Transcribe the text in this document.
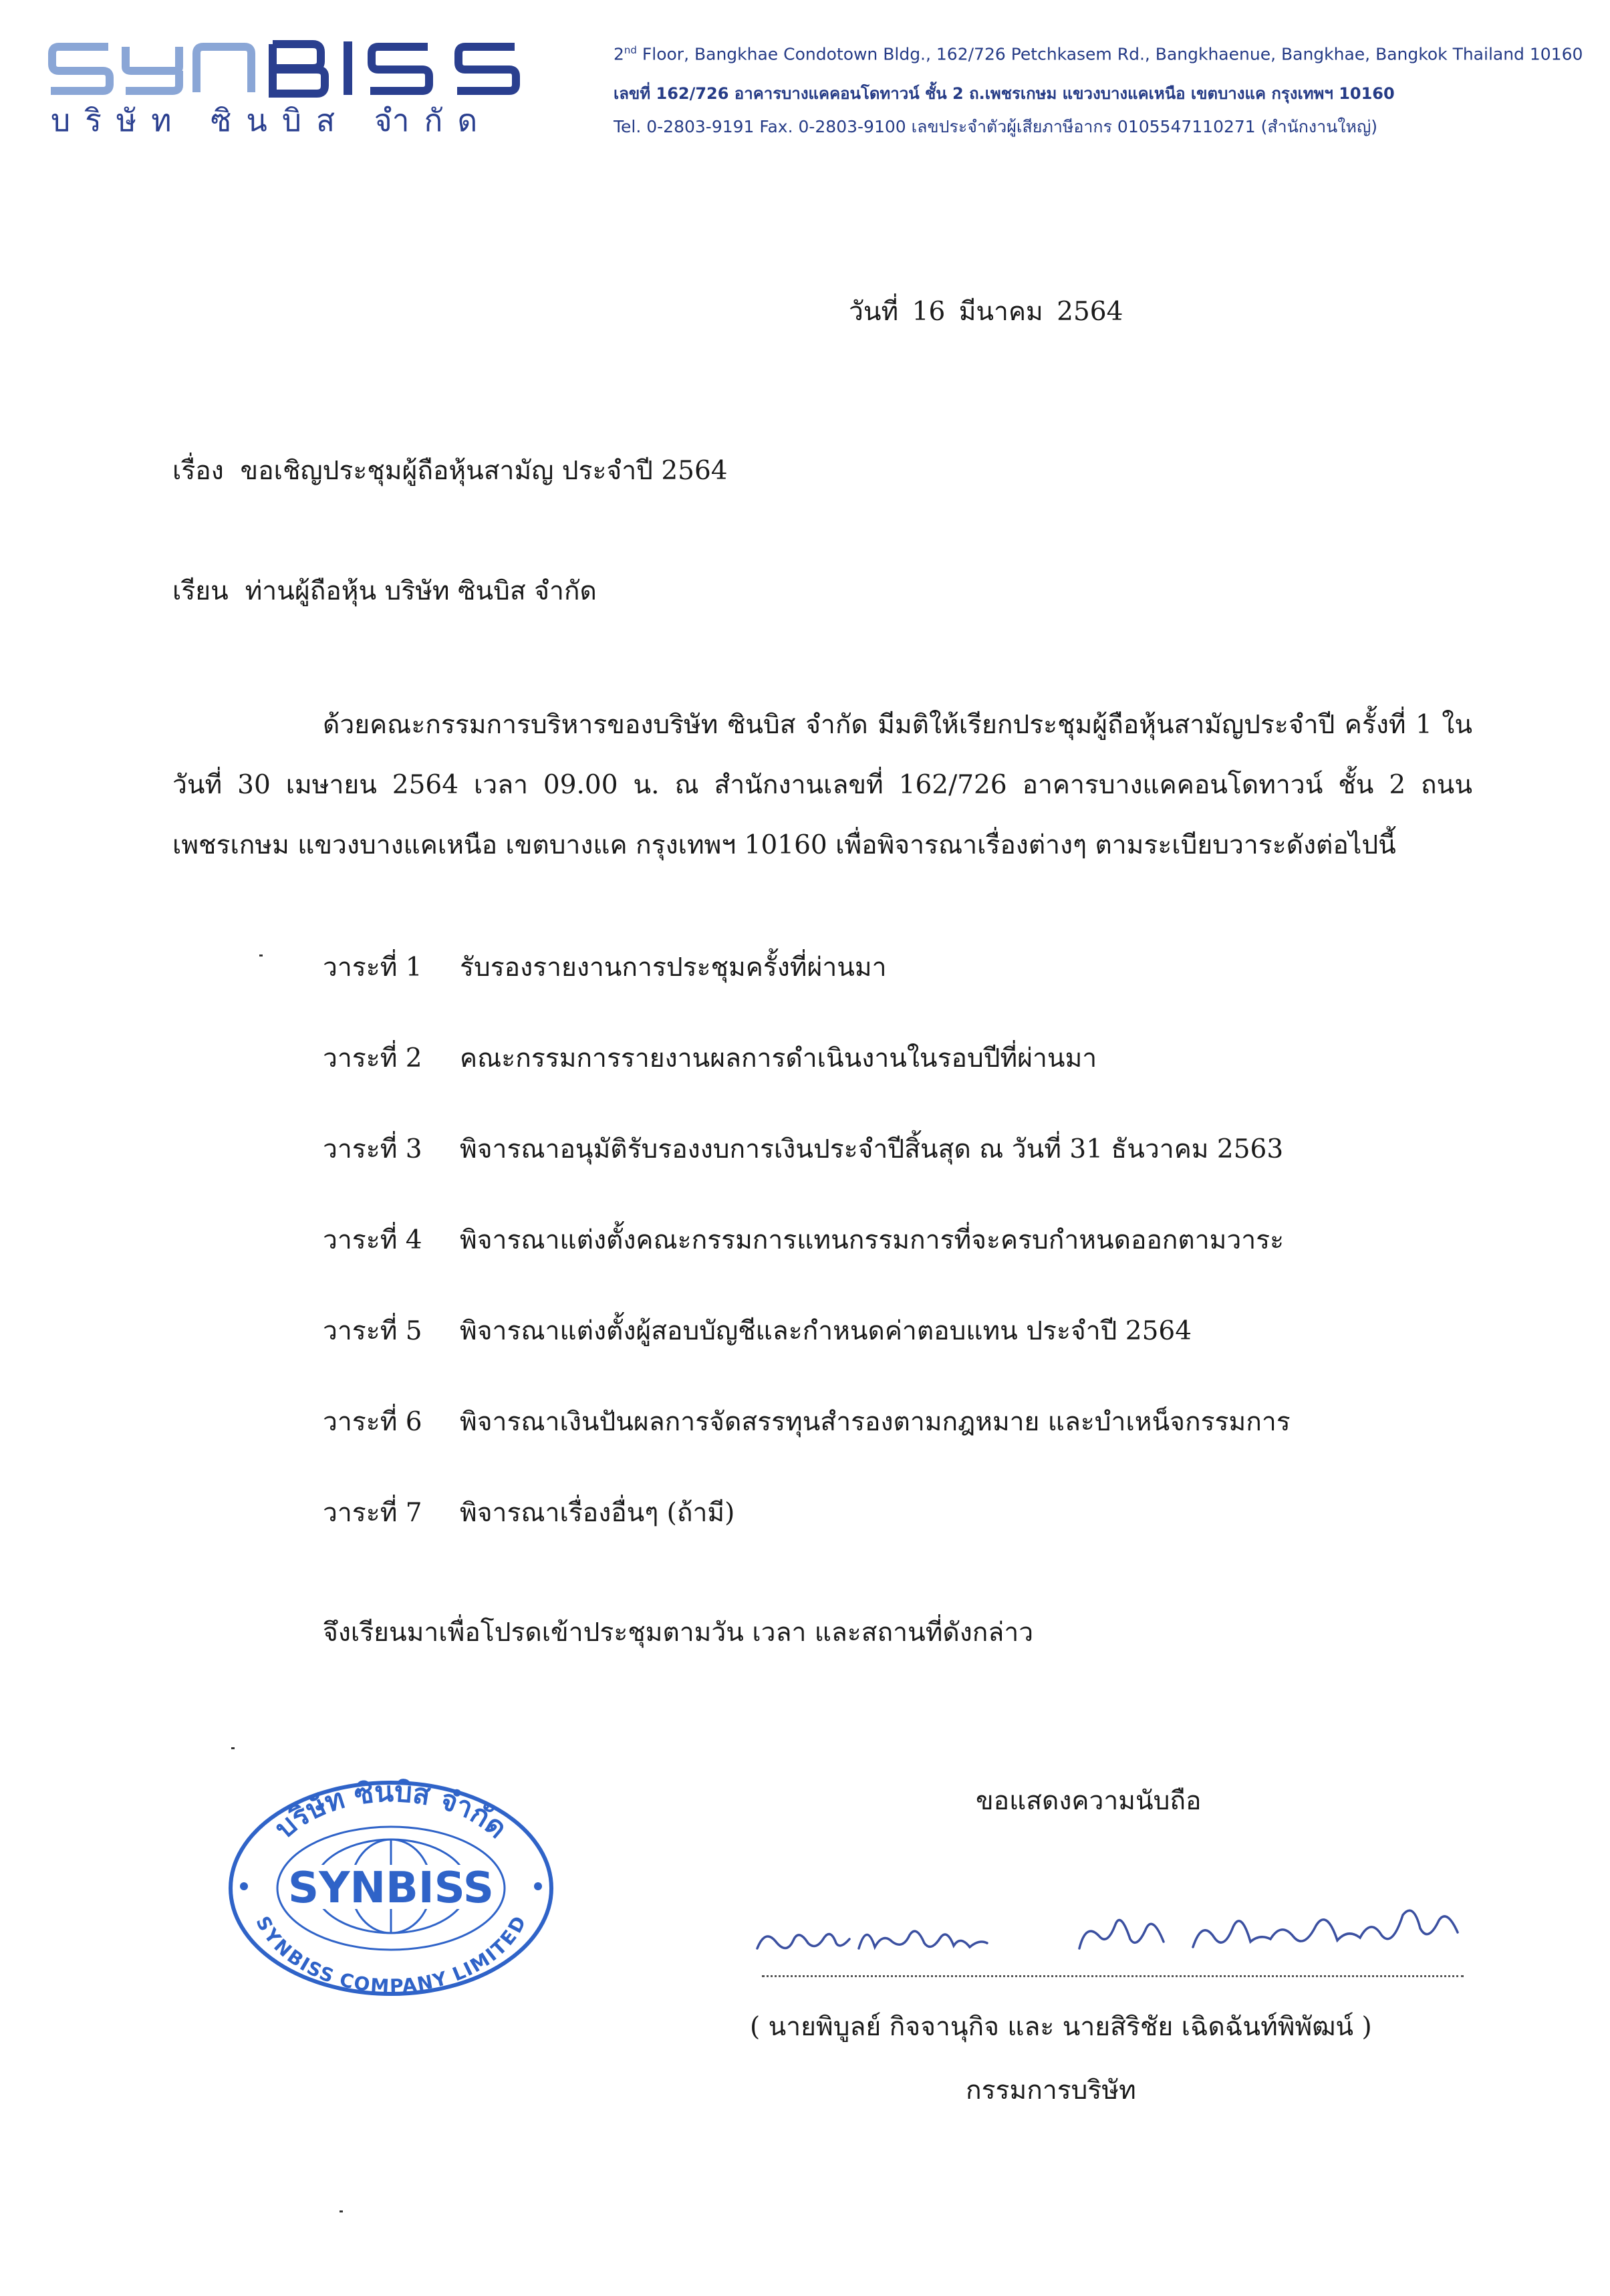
บริษัท ซินบิส จำกัด
2nd Floor, Bangkhae Condotown Bldg., 162/726 Petchkasem Rd., Bangkhaenue, Bangkhae, Bangkok Thailand 10160
เลขที่ 162/726 อาคารบางแคคอนโดทาวน์ ชั้น 2 ถ.เพชรเกษม แขวงบางแคเหนือ เขตบางแค กรุงเทพฯ 10160
Tel. 0-2803-9191 Fax. 0-2803-9100 เลขประจำตัวผู้เสียภาษีอากร 0105547110271 (สำนักงานใหญ่)
วันที่ 16 มีนาคม 2564
เรื่อง ขอเชิญประชุมผู้ถือหุ้นสามัญ ประจำปี 2564
เรียน ท่านผู้ถือหุ้น บริษัท ซินบิส จำกัด
ด้วยคณะกรรมการบริหารของบริษัท ซินบิส จำกัด มีมติให้เรียกประชุมผู้ถือหุ้นสามัญประจำปี ครั้งที่ 1 ในวันที่ 30 เมษายน 2564 เวลา 09.00 น. ณ สำนักงานเลขที่ 162/726 อาคารบางแคคอนโดทาวน์ ชั้น 2 ถนนเพชรเกษม แขวงบางแคเหนือ เขตบางแค กรุงเทพฯ 10160 เพื่อพิจารณาเรื่องต่างๆ ตามระเบียบวาระดังต่อไปนี้
วาระที่ 1 รับรองรายงานการประชุมครั้งที่ผ่านมา
วาระที่ 2 คณะกรรมการรายงานผลการดำเนินงานในรอบปีที่ผ่านมา
วาระที่ 3 พิจารณาอนุมัติรับรองงบการเงินประจำปีสิ้นสุด ณ วันที่ 31 ธันวาคม 2563
วาระที่ 4 พิจารณาแต่งตั้งคณะกรรมการแทนกรรมการที่จะครบกำหนดออกตามวาระ
วาระที่ 5 พิจารณาแต่งตั้งผู้สอบบัญชีและกำหนดค่าตอบแทน ประจำปี 2564
วาระที่ 6 พิจารณาเงินปันผลการจัดสรรทุนสำรองตามกฎหมาย และบำเหน็จกรรมการ
วาระที่ 7 พิจารณาเรื่องอื่นๆ (ถ้ามี)
จึงเรียนมาเพื่อโปรดเข้าประชุมตามวัน เวลา และสถานที่ดังกล่าว
ขอแสดงความนับถือ
( นายพิบูลย์ กิจจานุกิจ และ นายสิริชัย เฉิดฉันท์พิพัฒน์ )
กรรมการบริษัท
SYNBISS
บริษัท ซินบิส จำกัด
SYNBISS COMPANY LIMITED
